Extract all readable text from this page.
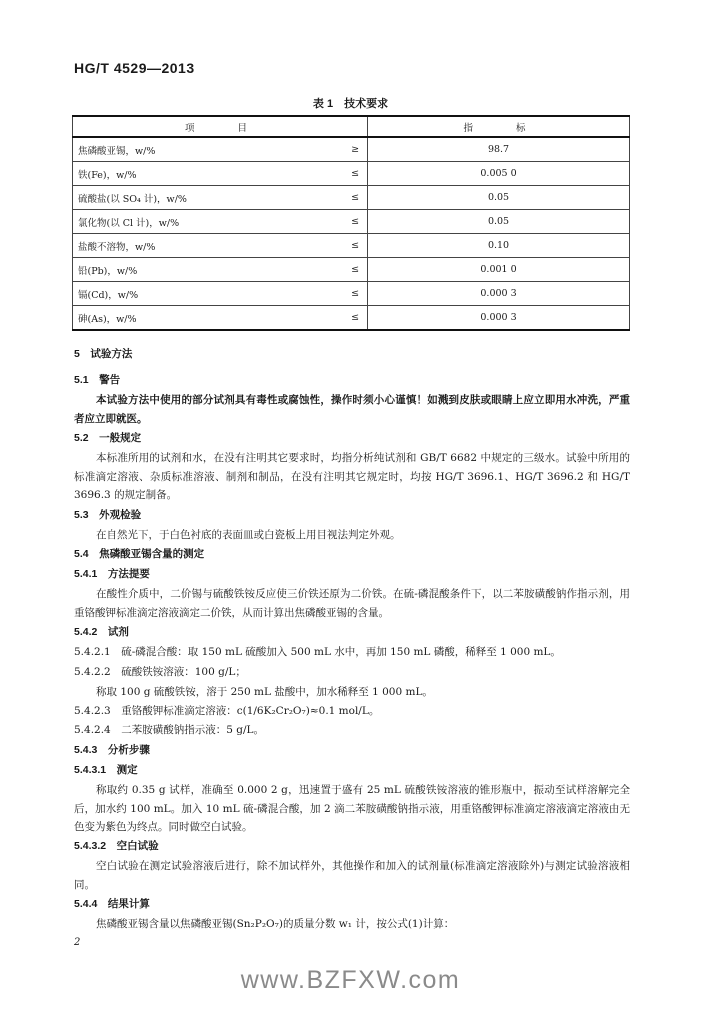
HG/T 4529—2013
表 1　技术要求
项　　目		指　　标
焦磷酸亚锡，w/%	≥	98.7
铁(Fe)，w/%	≤	0.005 0
硫酸盐(以 SO₄ 计)，w/%	≤	0.05
氯化物(以 Cl 计)，w/%	≤	0.05
盐酸不溶物，w/%	≤	0.10
铅(Pb)，w/%	≤	0.001 0
镉(Cd)，w/%	≤	0.000 3
砷(As)，w/%	≤	0.000 3
5　试验方法
5.1　警告
本试验方法中使用的部分试剂具有毒性或腐蚀性，操作时须小心谨慎！如溅到皮肤或眼睛上应立即用水冲洗，严重者应立即就医。
5.2　一般规定
本标准所用的试剂和水，在没有注明其它要求时，均指分析纯试剂和 GB/T 6682 中规定的三级水。试验中所用的标准滴定溶液、杂质标准溶液、制剂和制品，在没有注明其它规定时，均按 HG/T 3696.1、HG/T 3696.2 和 HG/T 3696.3 的规定制备。
5.3　外观检验
在自然光下，于白色衬底的表面皿或白瓷板上用目视法判定外观。
5.4　焦磷酸亚锡含量的测定
5.4.1　方法提要
在酸性介质中，二价锡与硫酸铁铵反应使三价铁还原为二价铁。在硫-磷混酸条件下，以二苯胺磺酸钠作指示剂，用重铬酸钾标准滴定溶液滴定二价铁，从而计算出焦磷酸亚锡的含量。
5.4.2　试剂
5.4.2.1　硫-磷混合酸：取 150 mL 硫酸加入 500 mL 水中，再加 150 mL 磷酸，稀释至 1 000 mL。
5.4.2.2　硫酸铁铵溶液：100 g/L；
称取 100 g 硫酸铁铵，溶于 250 mL 盐酸中，加水稀释至 1 000 mL。
5.4.2.3　重铬酸钾标准滴定溶液：c(1/6K₂Cr₂O₇)≈0.1 mol/L。
5.4.2.4　二苯胺磺酸钠指示液：5 g/L。
5.4.3　分析步骤
5.4.3.1　测定
称取约 0.35 g 试样，准确至 0.000 2 g，迅速置于盛有 25 mL 硫酸铁铵溶液的锥形瓶中，振动至试样溶解完全后，加水约 100 mL。加入 10 mL 硫-磷混合酸，加 2 滴二苯胺磺酸钠指示液，用重铬酸钾标准滴定溶液滴定溶液由无色变为紫色为终点。同时做空白试验。
5.4.3.2　空白试验
空白试验在测定试验溶液后进行，除不加试样外，其他操作和加入的试剂量(标准滴定溶液除外)与测定试验溶液相同。
5.4.4　结果计算
焦磷酸亚锡含量以焦磷酸亚锡(Sn₂P₂O₇)的质量分数 w₁ 计，按公式(1)计算：
2
www.BZFXW.com
